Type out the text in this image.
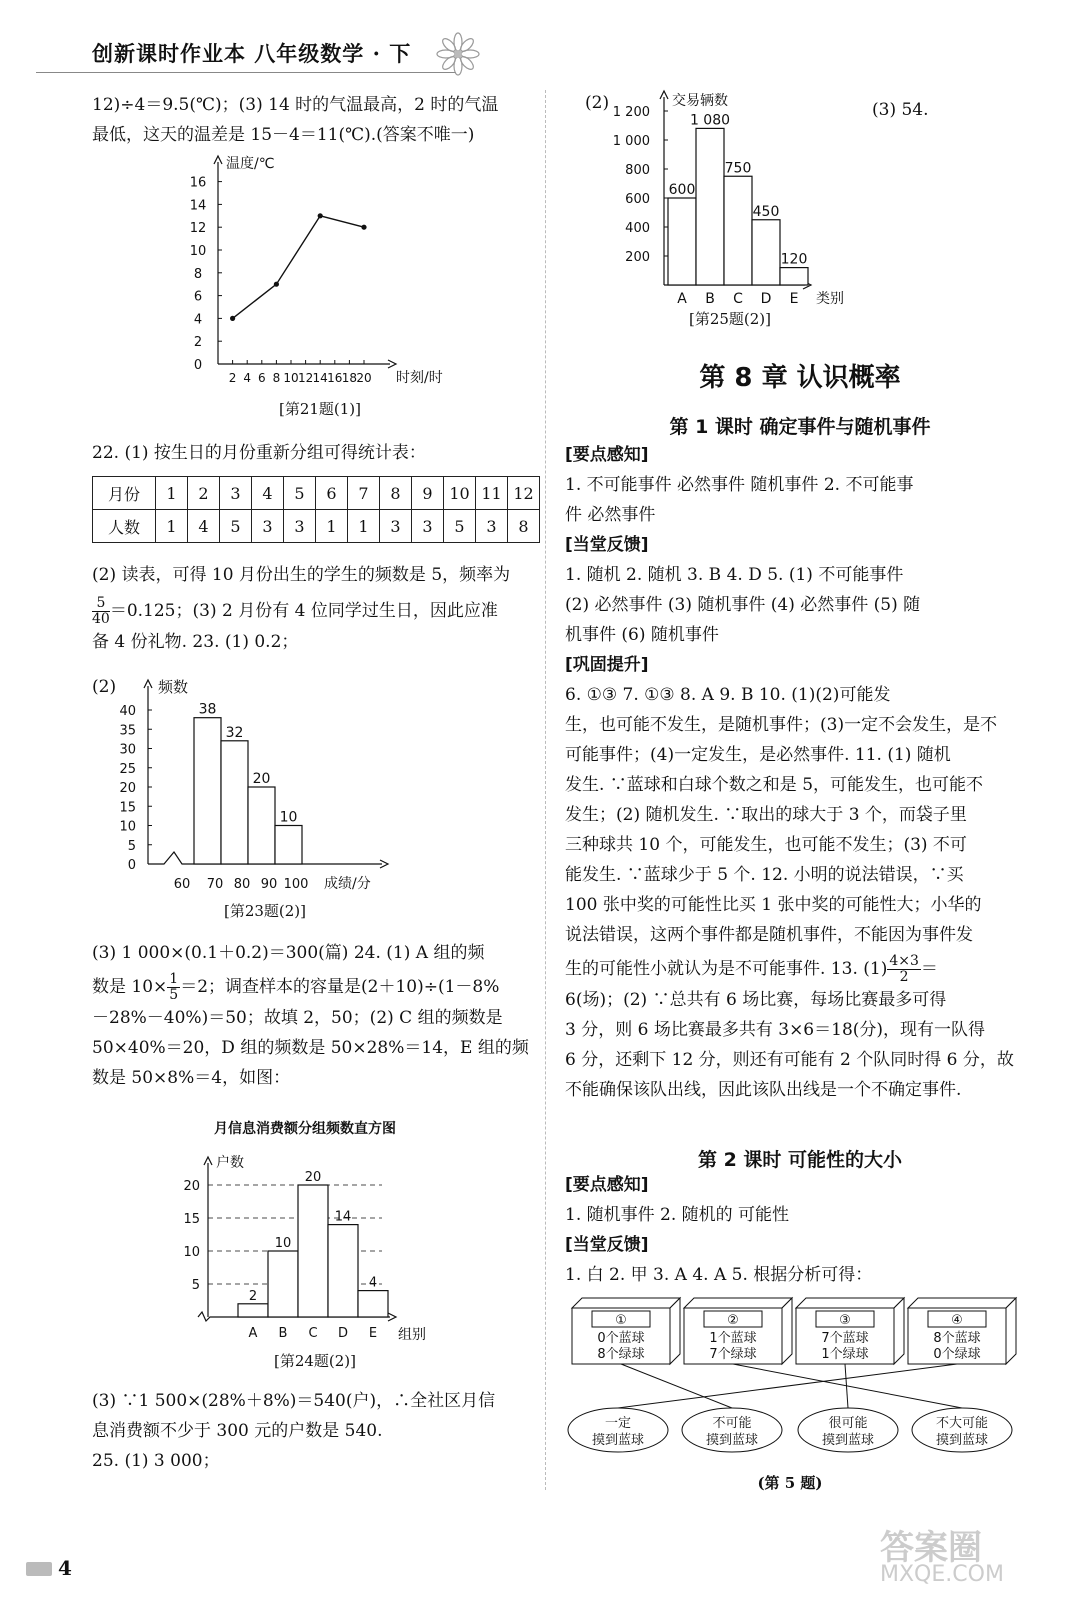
创新课时作业本 八年级数学 · 下

12)÷4＝9.5(℃)；(3) 14 时的气温最高，2 时的气温

最低，这天的温差是 15－4＝11(℃).(答案不唯一)

温度/℃
时刻/时
16
14
12
10
8
6
4
2
0
2 4 6 8 10 12 14 16 18 20
[第21题(1)]

22. (1) 按生日的月份重新分组可得统计表：

月份	1	2	3	4	5	6	7	8	9	10	11	12
人数	1	4	5	3	3	1	1	3	3	5	3	8

(2) 读表，可得 10 月份出生的学生的频数是 5，频率为

$\frac{5}{40} =0.125$；(3) 2 月份有 4 位同学过生日，因此应准

备 4 份礼物. 23. (1) 0.2；

(2)	频数
成绩/分
40
35
30
25
20
15
10
5
0
60 70 80 90 100
38
32
20
10
[第23题(2)]

(3) 1 000×(0.1＋0.2)＝300(篇) 24. (1) A 组的频

数是 $10\times \frac{1}{5} =2$；调查样本的容量是(2＋10)÷(1－8%

－28%－40%)＝50；故填 2，50；(2) C 组的频数是

50×40%＝20，D 组的频数是 50×28%＝14，E 组的频

数是 50×8%＝4，如图：

月信息消费额分组频数直方图
户数
组别
20
15
10
5
2
A
10
B
20
C
14
D
4
E
[第24题(2)]

(3) ∵1 500×(28%＋8%)＝540(户)，∴全社区月信

息消费额不少于 300 元的户数是 540.

25. (1) 3 000；

(2)	(3) 54.
交易辆数
类别
1 200
1 000
800
600
400
200
600
A
1 080
B
750
C
450
D
120
E
[第25题(2)]
第 8 章 认识概率
第 1 课时 确定事件与随机事件

[要点感知]

1. 不可能事件 必然事件 随机事件 2. 不可能事

件 必然事件

[当堂反馈]

1. 随机 2. 随机 3. B 4. D 5. (1) 不可能事件

(2) 必然事件 (3) 随机事件 (4) 必然事件 (5) 随

机事件 (6) 随机事件

[巩固提升]

6. ①③ 7. ①③ 8. A 9. B 10. (1)(2)可能发

生，也可能不发生，是随机事件；(3)一定不会发生，是不

可能事件；(4)一定发生，是必然事件. 11. (1) 随机

发生. ∵蓝球和白球个数之和是 5，可能发生，也可能不

发生；(2) 随机发生. ∵取出的球大于 3 个，而袋子里

三种球共 10 个，可能发生，也可能不发生；(3) 不可

能发生. ∵蓝球少于 5 个. 12. 小明的说法错误，∵买

100 张中奖的可能性比买 1 张中奖的可能性大；小华的

说法错误，这两个事件都是随机事件，不能因为事件发

生的可能性小就认为是不可能事件. 13. $(1) \frac{4\times 3}{2}$ ＝

6(场)；(2) ∵总共有 6 场比赛，每场比赛最多可得

3 分，则 6 场比赛最多共有 3×6＝18(分)，现有一队得

6 分，还剩下 12 分，则还有可能有 2 个队同时得 6 分，故

不能确保该队出线，因此该队出线是一个不确定事件.

第 2 课时 可能性的大小

[要点感知]

1. 随机事件 2. 随机的 可能性

[当堂反馈]

1. 白 2. 甲 3. A 4. A 5. 根据分析可得：

①
0个蓝球
8个绿球
②
1个蓝球
7个绿球
③
7个蓝球
1个绿球
④
8个蓝球
0个绿球
一定
摸到蓝球
不可能
摸到蓝球
很可能
摸到蓝球
不大可能
摸到蓝球
(第 5 题)
4	答案圈
MXQE.COM
